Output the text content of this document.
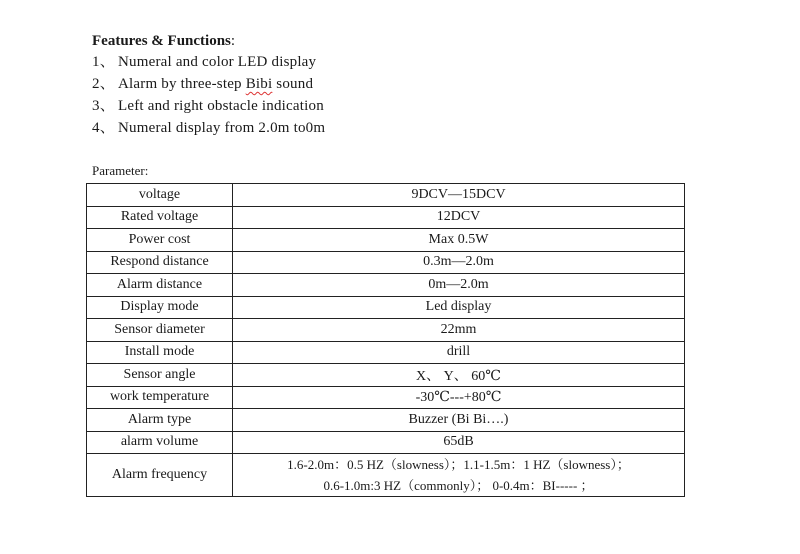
Features & Functions:
1、 Numeral and color LED display
2、 Alarm by three-step Bibi sound
3、 Left and right obstacle indication
4、 Numeral display from 2.0m to0m
Parameter:
voltage	9DCV—15DCV
Rated voltage	12DCV
Power cost	Max 0.5W
Respond distance	0.3m—2.0m
Alarm distance	0m—2.0m
Display mode	Led display
Sensor diameter	22mm
Install mode	drill
Sensor angle	X、 Y、 60℃
work temperature	-30℃---+80℃
Alarm type	Buzzer (Bi Bi….)
alarm volume	65dB
Alarm frequency	1.6-2.0m：0.5 HZ（slowness）；1.1-1.5m：1 HZ（slowness）；
0.6-1.0m:3 HZ（commonly）； 0-0.4m：BI----- ；
